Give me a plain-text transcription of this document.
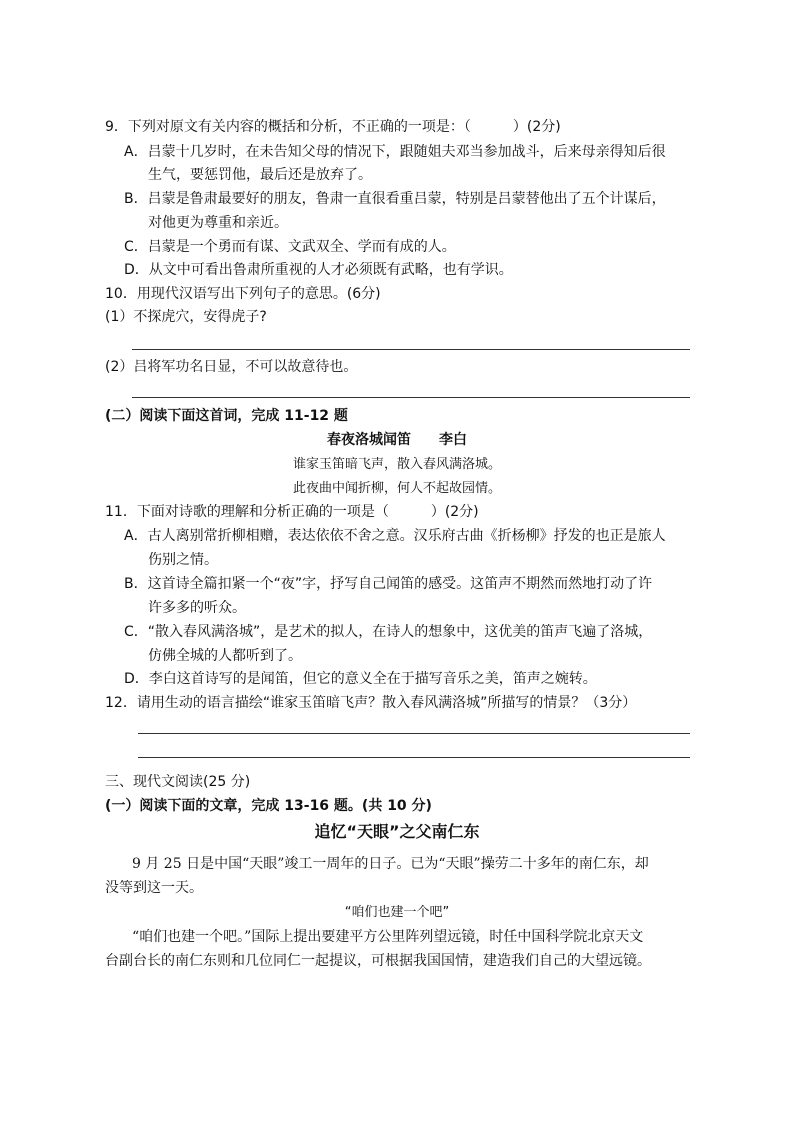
9．下列对原文有关内容的概括和分析，不正确的一项是：（　　　）(2分)
A．吕蒙十几岁时，在未告知父母的情况下，跟随姐夫邓当参加战斗，后来母亲得知后很
生气，要惩罚他，最后还是放弃了。
B．吕蒙是鲁肃最要好的朋友，鲁肃一直很看重吕蒙，特别是吕蒙替他出了五个计谋后，
对他更为尊重和亲近。
C．吕蒙是一个勇而有谋、文武双全、学而有成的人。
D．从文中可看出鲁肃所重视的人才必须既有武略，也有学识。
10．用现代汉语写出下列句子的意思。(6分)
(1）不探虎穴，安得虎子?
(2）吕将军功名日显，不可以故意待也。
(二）阅读下面这首词，完成 11-12 题
春夜洛城闻笛　　李白
谁家玉笛暗飞声，散入春风满洛城。
此夜曲中闻折柳，何人不起故园情。
11．下面对诗歌的理解和分析正确的一项是（　　　）(2分)
A．古人离别常折柳相赠，表达依依不舍之意。汉乐府古曲《折杨柳》抒发的也正是旅人
伤别之情。
B．这首诗全篇扣紧一个“夜”字，抒写自己闻笛的感受。这笛声不期然而然地打动了许
许多多的听众。
C．“散入春风满洛城”，是艺术的拟人，在诗人的想象中，这优美的笛声飞遍了洛城，
仿佛全城的人都听到了。
D．李白这首诗写的是闻笛，但它的意义全在于描写音乐之美，笛声之婉转。
12．请用生动的语言描绘“谁家玉笛暗飞声？散入春风满洛城”所描写的情景？（3分）
三、现代文阅读(25 分)
(一）阅读下面的文章，完成 13-16 题。(共 10 分)
追忆“天眼”之父南仁东
9 月 25 日是中国“天眼”竣工一周年的日子。已为“天眼”操劳二十多年的南仁东，却
没等到这一天。
“咱们也建一个吧”
“咱们也建一个吧。”国际上提出要建平方公里阵列望远镜，时任中国科学院北京天文
台副台长的南仁东则和几位同仁一起提议，可根据我国国情，建造我们自己的大望远镜。
